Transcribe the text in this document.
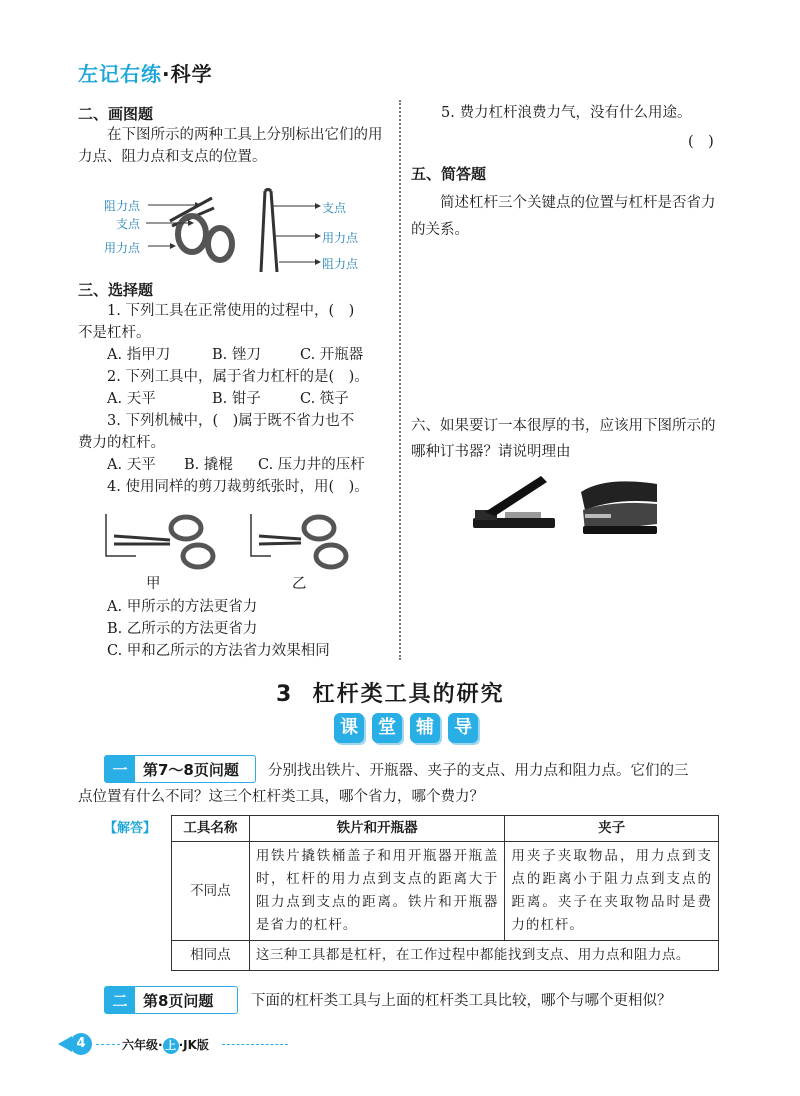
左记右练·科学
二、画图题
在下图所示的两种工具上分别标出它们的用力点、阻力点和支点的位置。
阻力点
支点
用力点
支点
用力点
阻力点
三、选择题
1. 下列工具在正常使用的过程中，(　)
不是杠杆。
A. 指甲刀	B. 锉刀	C. 开瓶器
2. 下列工具中，属于省力杠杆的是(　)。
A. 天平	B. 钳子	C. 筷子
3. 下列机械中，(　)属于既不省力也不
费力的杠杆。
A. 天平 B. 撬棍 C. 压力井的压杆
4. 使用同样的剪刀裁剪纸张时，用(　)。
甲	乙
A. 甲所示的方法更省力
B. 乙所示的方法更省力
C. 甲和乙所示的方法省力效果相同
5. 费力杠杆浪费力气，没有什么用途。
(　)
五、简答题
简述杠杆三个关键点的位置与杠杆是否省力的关系。
六、如果要订一本很厚的书，应该用下图所示的哪种订书器？请说明理由
3 杠杆类工具的研究
课 堂 辅 导
一	第7～8页问题	分别找出铁片、开瓶器、夹子的支点、用力点和阻力点。它们的三
点位置有什么不同？这三个杠杆类工具，哪个省力，哪个费力？
【解答】 工具名称	铁片和开瓶器	夹子
不同点	用铁片撬铁桶盖子和用开瓶器开瓶盖时，杠杆的用力点到支点的距离大于阻力点到支点的距离。铁片和开瓶器是省力的杠杆。	用夹子夹取物品，用力点到支点的距离小于阻力点到支点的距离。夹子在夹取物品时是费力的杠杆。
相同点	这三种工具都是杠杆，在工作过程中都能找到支点、用力点和阻力点。	
二	第8页问题	下面的杠杆类工具与上面的杠杆类工具比较，哪个与哪个更相似？
4	六年级· 上 ·JK版
